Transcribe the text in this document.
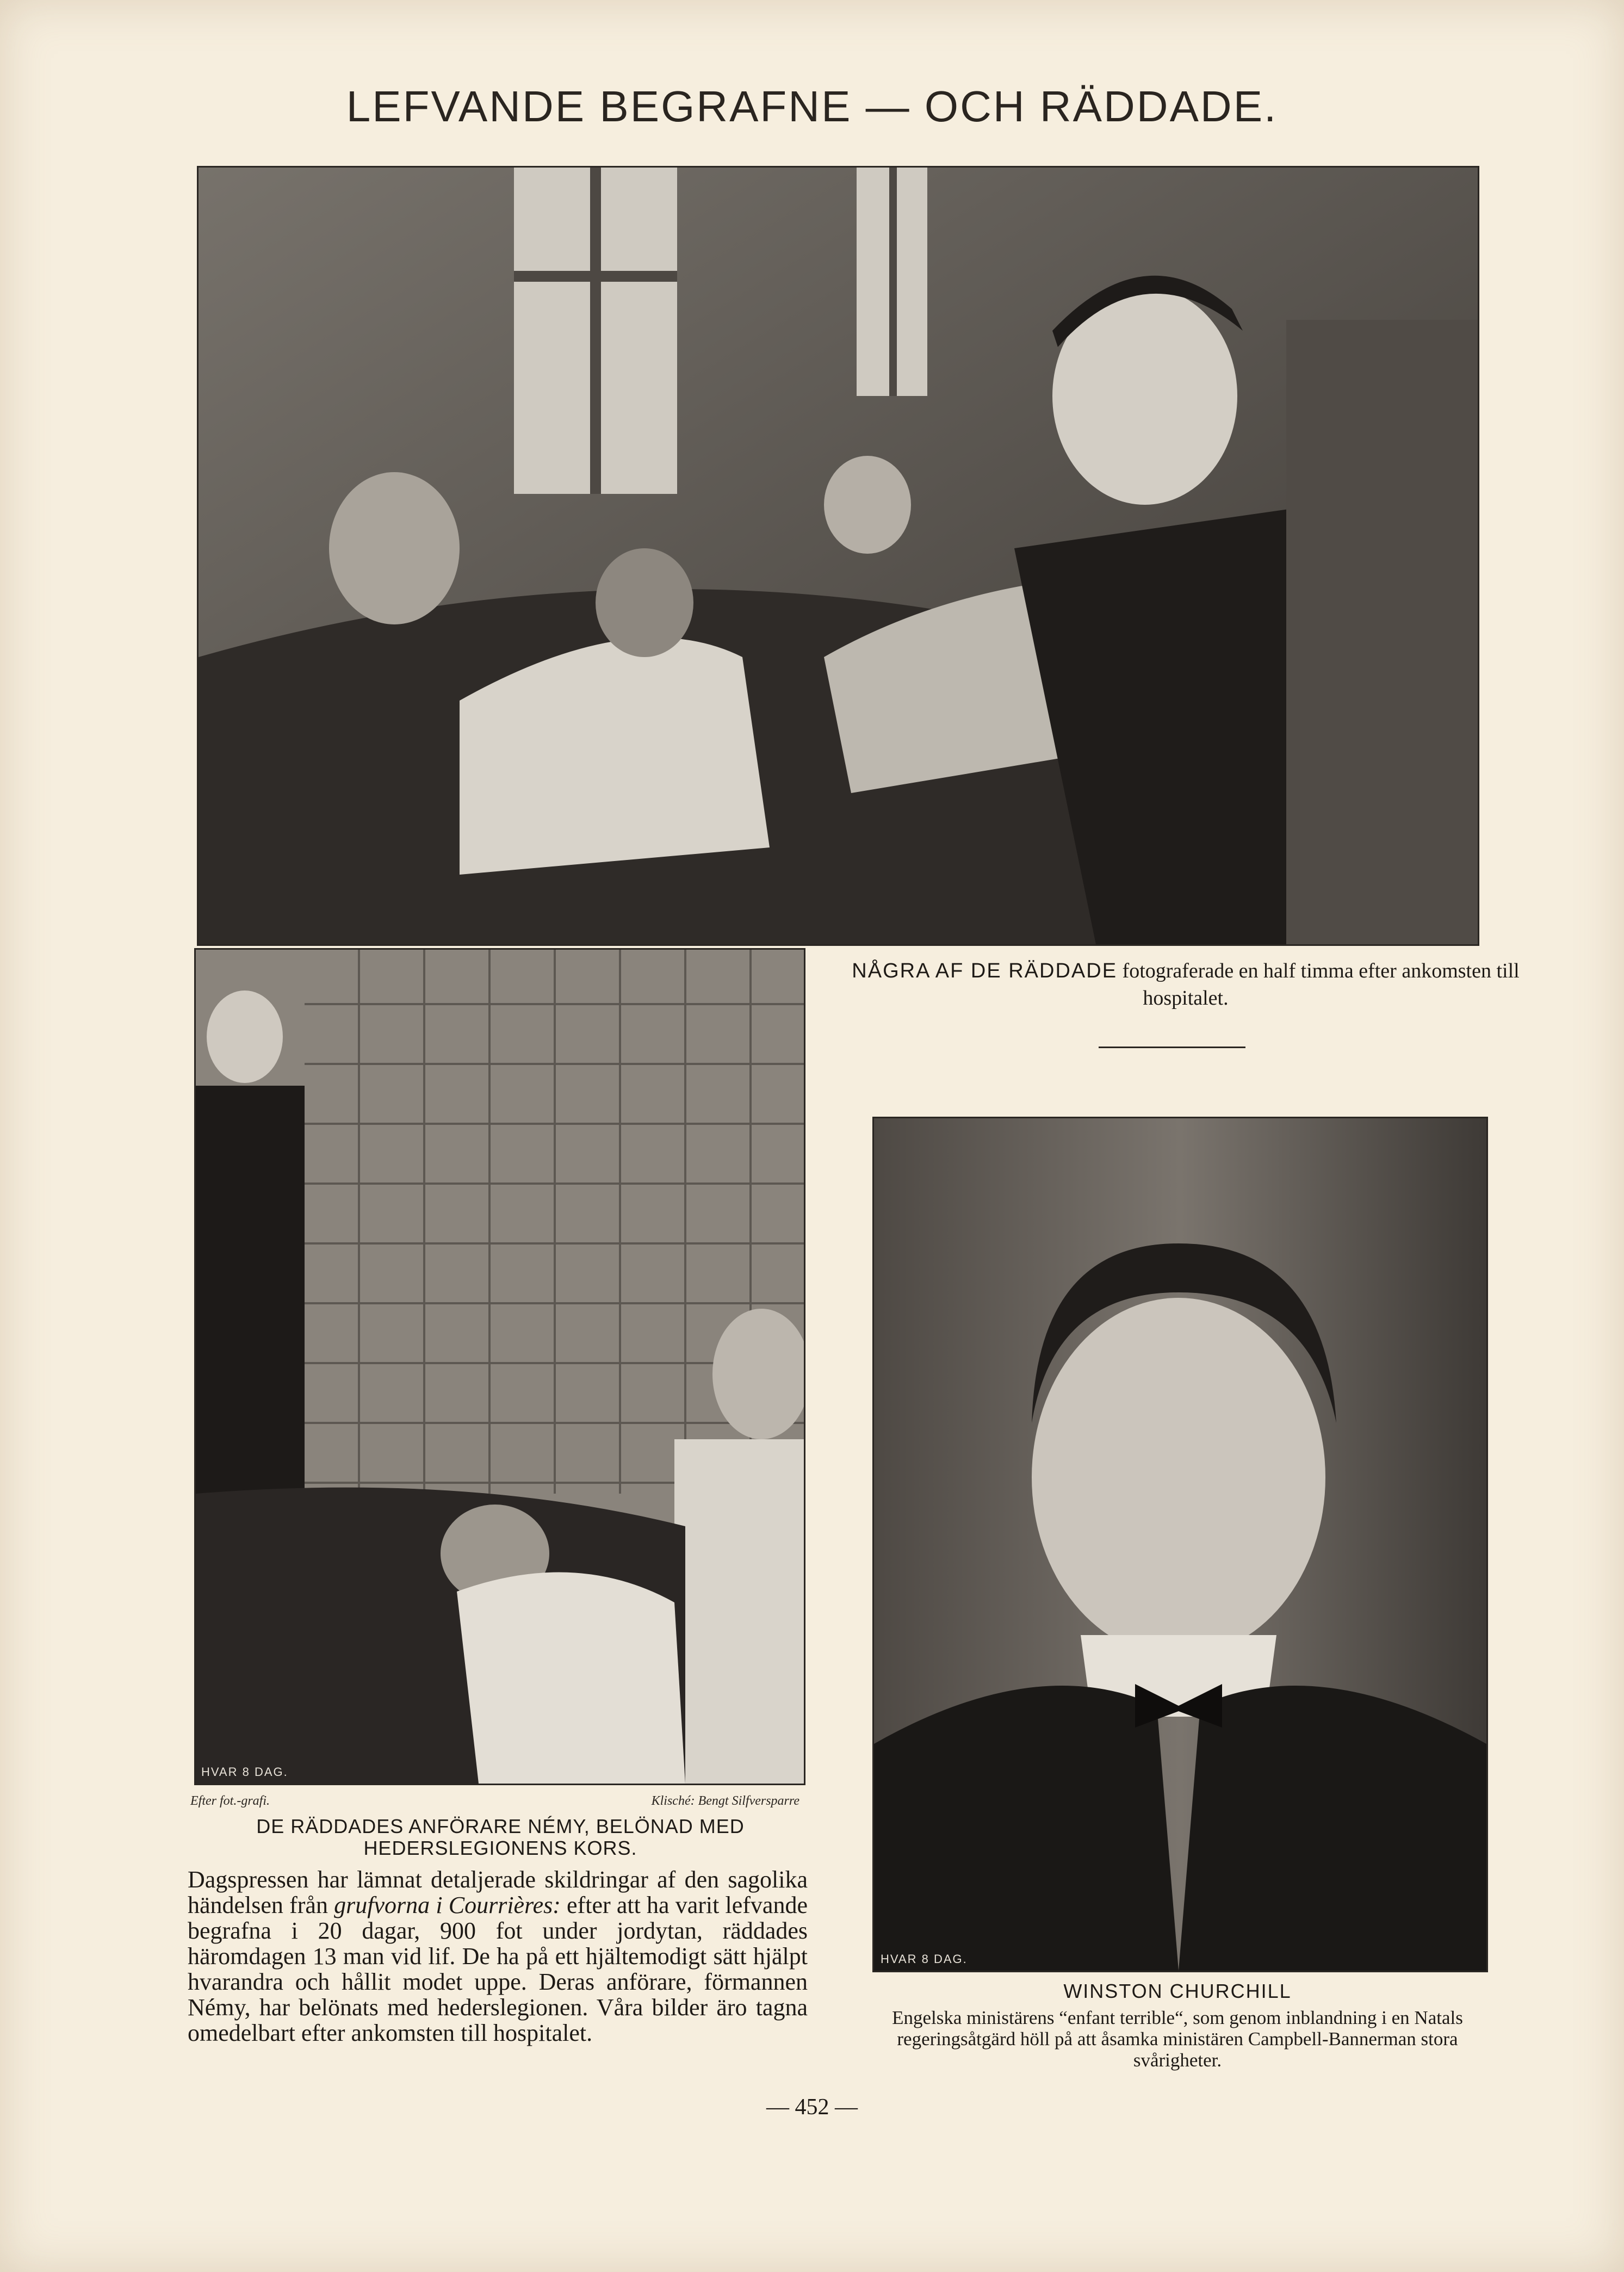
LEFVANDE BEGRAFNE — OCH RÄDDADE.
NÅGRA AF DE RÄDDADE fotograferade en half timma efter ankomsten till hospitalet.
HVAR 8 DAG.
Efter fot.-grafi.	Klisché: Bengt Silfversparre
DE RÄDDADES ANFÖRARE NÉMY, BELÖNAD MED HEDERSLEGIONENS KORS.
Dagspressen har lämnat detaljerade skildringar af den sagolika händelsen från grufvorna i Courrières: efter att ha varit lefvande begrafna i 20 dagar, 900 fot under jordytan, räddades häromdagen 13 man vid lif. De ha på ett hjältemodigt sätt hjälpt hvarandra och hållit modet uppe. Deras anförare, förmannen Némy, har belönats med hederslegionen. Våra bilder äro tagna omedelbart efter ankomsten till hospitalet.
HVAR 8 DAG.
WINSTON CHURCHILL
Engelska ministärens “enfant terrible“, som genom inblandning i en Natals regeringsåtgärd höll på att åsamka ministären Campbell-Bannerman stora svårigheter.
— 452 —
